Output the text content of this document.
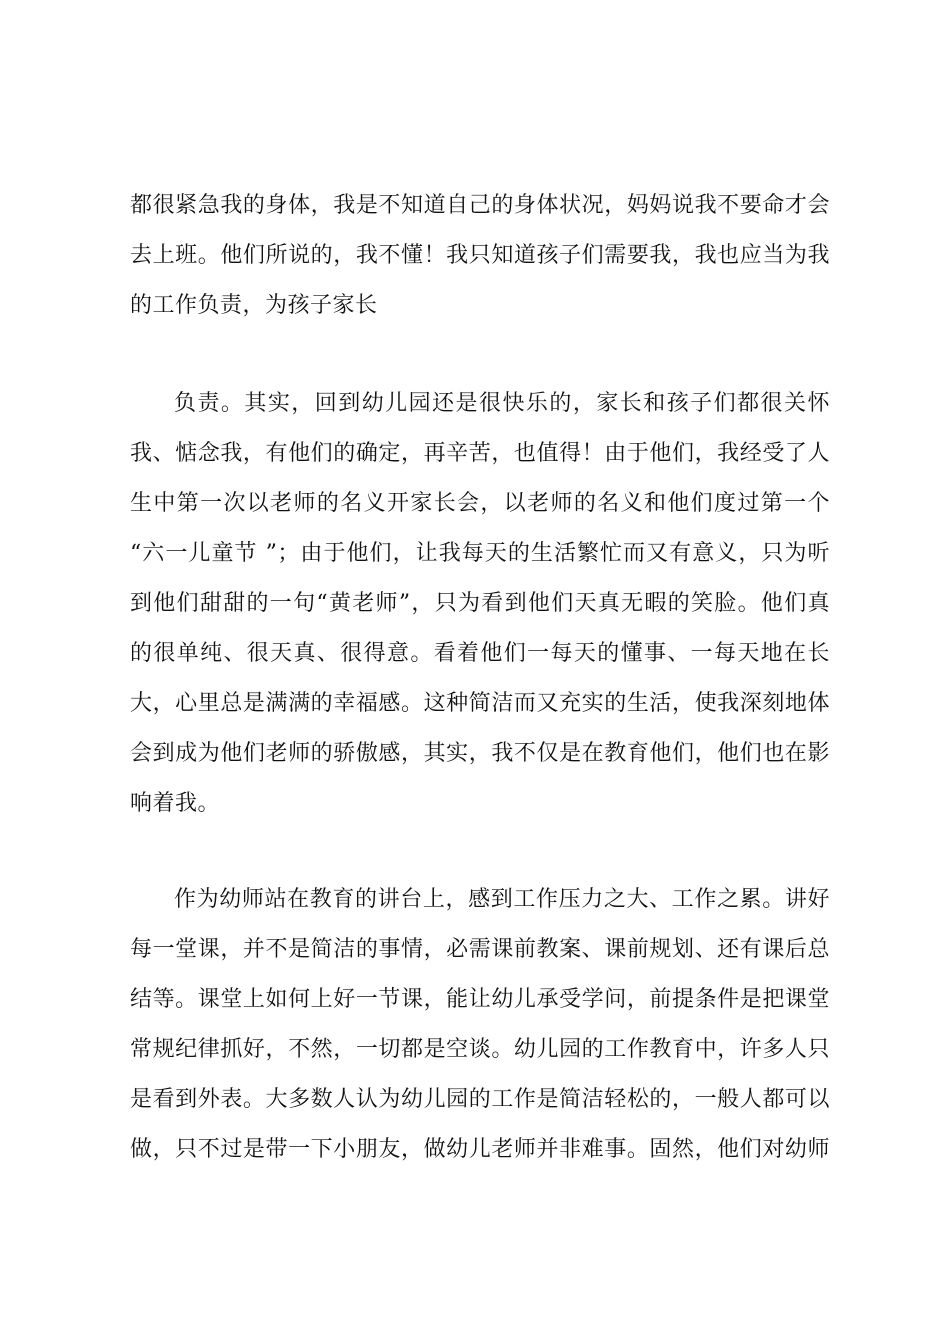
都很紧急我的身体，我是不知道自己的身体状况，妈妈说我不要命才会
去上班。他们所说的，我不懂！我只知道孩子们需要我，我也应当为我
的工作负责，为孩子家长
负责。其实，回到幼儿园还是很快乐的，家长和孩子们都很关怀
我、惦念我，有他们的确定，再辛苦，也值得！由于他们，我经受了人
生中第一次以老师的名义开家长会，以老师的名义和他们度过第一个
“六一儿童节 ”；由于他们，让我每天的生活繁忙而又有意义，只为听
到他们甜甜的一句“黄老师”，只为看到他们天真无暇的笑脸。他们真
的很单纯、很天真、很得意。看着他们一每天的懂事、一每天地在长
大，心里总是满满的幸福感。这种简洁而又充实的生活，使我深刻地体
会到成为他们老师的骄傲感，其实，我不仅是在教育他们，他们也在影
响着我。
作为幼师站在教育的讲台上，感到工作压力之大、工作之累。讲好
每一堂课，并不是简洁的事情，必需课前教案、课前规划、还有课后总
结等。课堂上如何上好一节课，能让幼儿承受学问，前提条件是把课堂
常规纪律抓好，不然，一切都是空谈。幼儿园的工作教育中，许多人只
是看到外表。大多数人认为幼儿园的工作是简洁轻松的，一般人都可以
做，只不过是带一下小朋友，做幼儿老师并非难事。固然，他们对幼师
